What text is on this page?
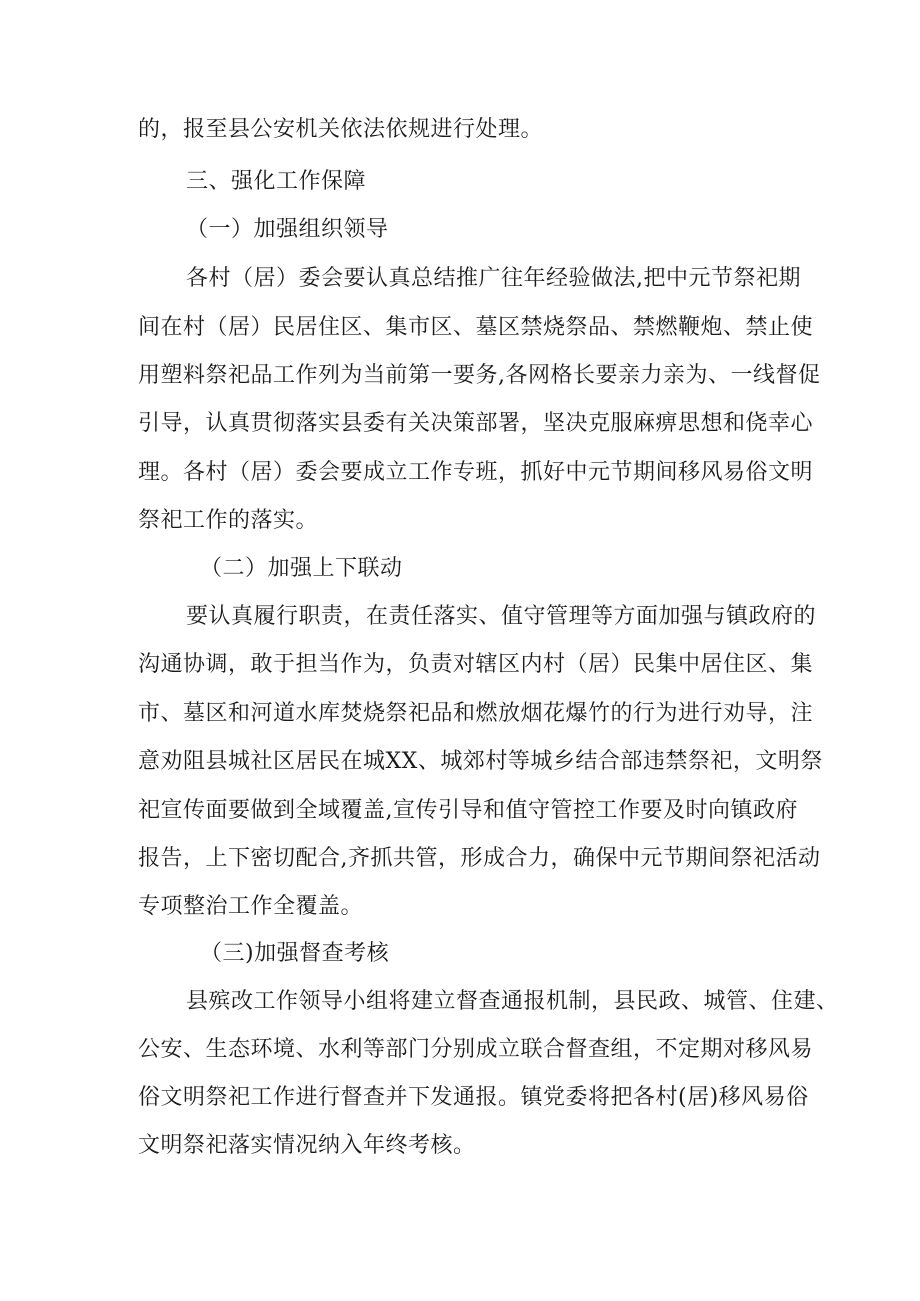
的，报至县公安机关依法依规进行处理。
三、强化工作保障
（一）加强组织领导
各村（居）委会要认真总结推广往年经验做法,把中元节祭祀期
间在村（居）民居住区、集市区、墓区禁烧祭品、禁燃鞭炮、禁止使
用塑料祭祀品工作列为当前第一要务,各网格长要亲力亲为、一线督促
引导，认真贯彻落实县委有关决策部署，坚决克服麻痹思想和侥幸心
理。各村（居）委会要成立工作专班，抓好中元节期间移风易俗文明
祭祀工作的落实。
（二）加强上下联动
要认真履行职责，在责任落实、值守管理等方面加强与镇政府的
沟通协调，敢于担当作为，负责对辖区内村（居）民集中居住区、集
市、墓区和河道水库焚烧祭祀品和燃放烟花爆竹的行为进行劝导，注
意劝阻县城社区居民在城XX、城郊村等城乡结合部违禁祭祀，文明祭
祀宣传面要做到全域覆盖,宣传引导和值守管控工作要及时向镇政府
报告，上下密切配合,齐抓共管，形成合力，确保中元节期间祭祀活动
专项整治工作全覆盖。
（三)加强督查考核
县殡改工作领导小组将建立督查通报机制，县民政、城管、住建、
公安、生态环境、水利等部门分别成立联合督查组，不定期对移风易
俗文明祭祀工作进行督查并下发通报。镇党委将把各村(居)移风易俗
文明祭祀落实情况纳入年终考核。
